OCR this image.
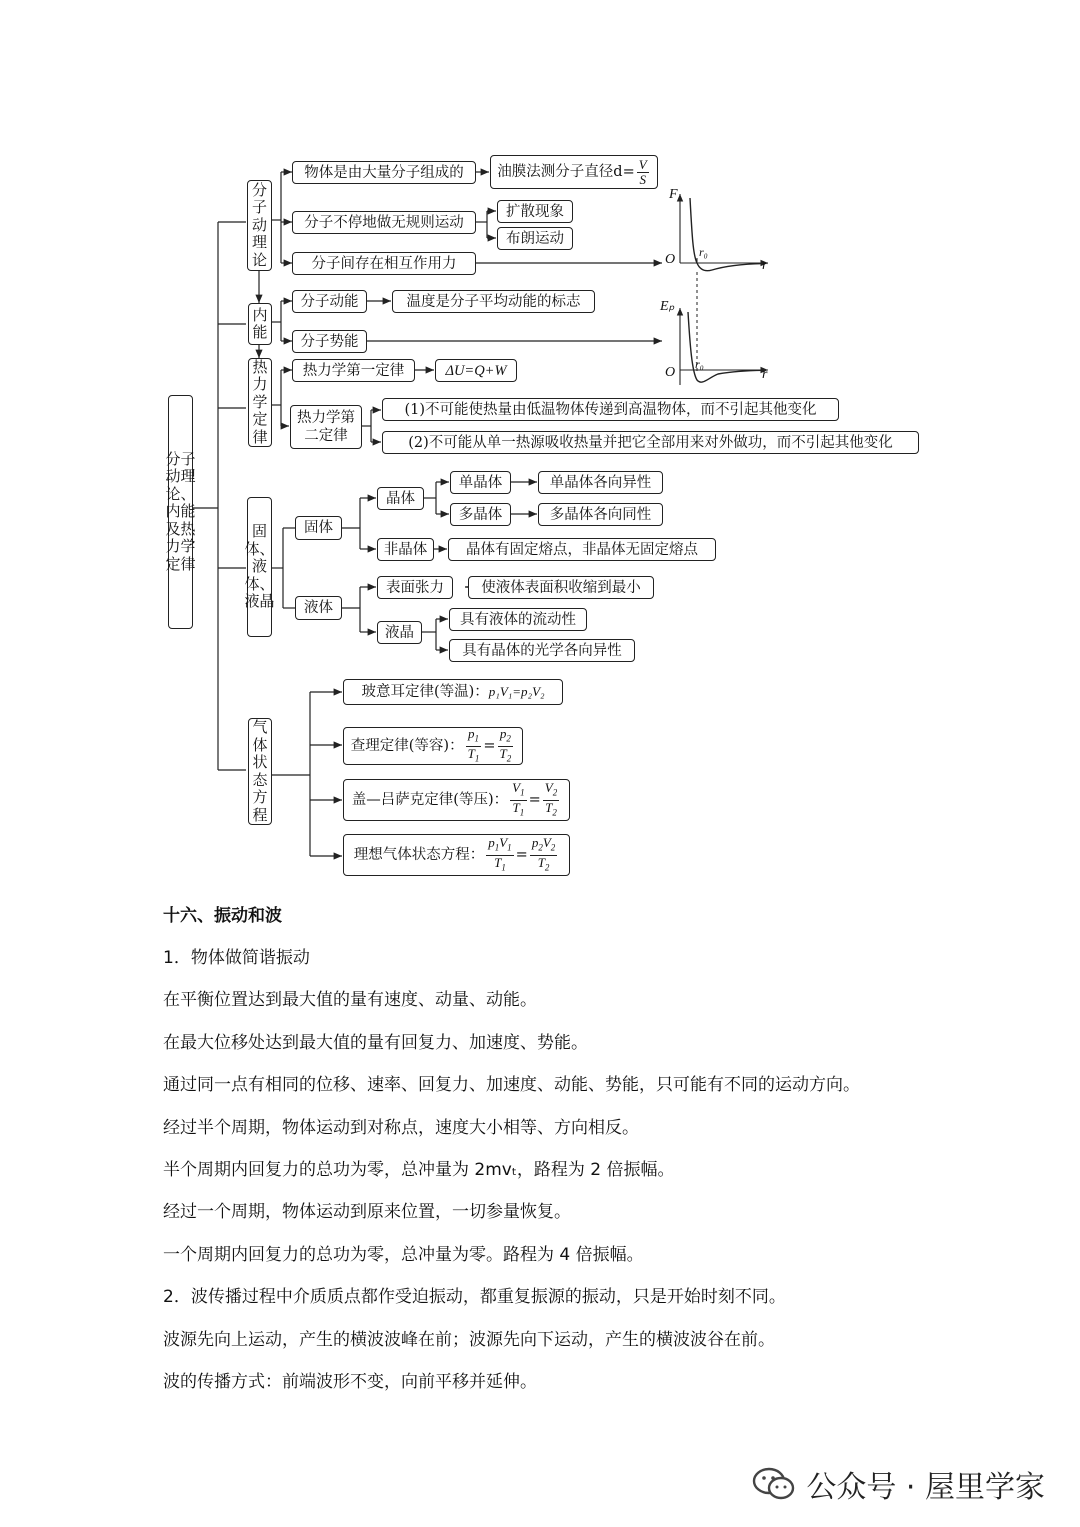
F
O	r
r₀
Eₚ
O	r
r₀
分子动理论、内能及热力学定律
分子动理论
物体是由大量分子组成的
分子不停地做无规则运动
分子间存在相互作用力
油膜法测分子直径$d= \frac{V}{S}$
扩散现象
布朗运动
内能
分子动能
分子势能
温度是分子平均动能的标志
热力学定律
热力学第一定律	ΔU=Q+W
热力学第二定律
(1)不可能使热量由低温物体传递到高温物体，而不引起其他变化
(2)不可能从单一热源吸收热量并把它全部用来对外做功，而不引起其他变化
固体、液体、液晶
固体
晶体
单晶体	单晶体各向异性
多晶体	多晶体各向同性
非晶体	晶体有固定熔点，非晶体无固定熔点
液体
表面张力	使液体表面积收缩到最小
液晶
具有液体的流动性
具有晶体的光学各向异性
气体状态方程
玻意耳定律(等温)： p₁V₁=p₂V₂
查理定律(等容)： $\frac{p_1}{T_1} = \frac{p_2}{T_2}$
盖—吕萨克定律(等压)： $\frac{V_1}{T_1} = \frac{V_2}{T_2}$
理想气体状态方程： $\frac{p_1V_1}{T_1} = \frac{p_2V_2}{T_2}$
十六、振动和波
1．物体做简谐振动
在平衡位置达到最大值的量有速度、动量、动能。
在最大位移处达到最大值的量有回复力、加速度、势能。
通过同一点有相同的位移、速率、回复力、加速度、动能、势能，只可能有不同的运动方向。
经过半个周期，物体运动到对称点，速度大小相等、方向相反。
半个周期内回复力的总功为零，总冲量为 2mvₜ，路程为 2 倍振幅。
经过一个周期，物体运动到原来位置，一切参量恢复。
一个周期内回复力的总功为零，总冲量为零。路程为 4 倍振幅。
2．波传播过程中介质质点都作受迫振动，都重复振源的振动，只是开始时刻不同。
波源先向上运动，产生的横波波峰在前；波源先向下运动，产生的横波波谷在前。
波的传播方式：前端波形不变，向前平移并延伸。
公众号 · 屋里学家
